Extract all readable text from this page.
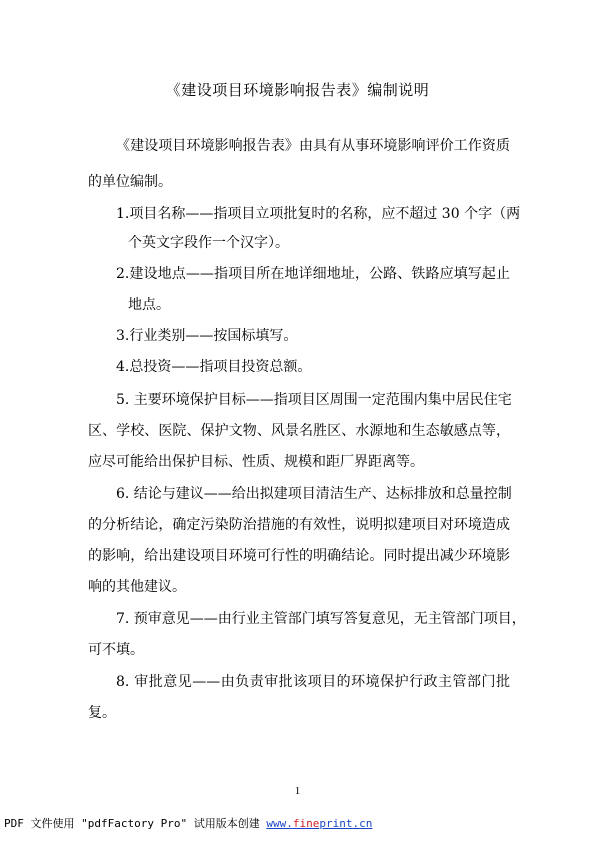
《建设项目环境影响报告表》编制说明
《建设项目环境影响报告表》由具有从事环境影响评价工作资质
的单位编制。
1.项目名称——指项目立项批复时的名称，应不超过 30 个字（两
个英文字段作一个汉字）。
2.建设地点——指项目所在地详细地址，公路、铁路应填写起止
地点。
3.行业类别——按国标填写。
4.总投资——指项目投资总额。
5. 主要环境保护目标——指项目区周围一定范围内集中居民住宅
区、学校、医院、保护文物、风景名胜区、水源地和生态敏感点等，
应尽可能给出保护目标、性质、规模和距厂界距离等。
6. 结论与建议——给出拟建项目清洁生产、达标排放和总量控制
的分析结论，确定污染防治措施的有效性，说明拟建项目对环境造成
的影响，给出建设项目环境可行性的明确结论。同时提出减少环境影
响的其他建议。
7. 预审意见——由行业主管部门填写答复意见，无主管部门项目，
可不填。
8. 审批意见——由负责审批该项目的环境保护行政主管部门批
复。
1
PDF 文件使用 "pdfFactory Pro" 试用版本创建 www.fineprint.cn
